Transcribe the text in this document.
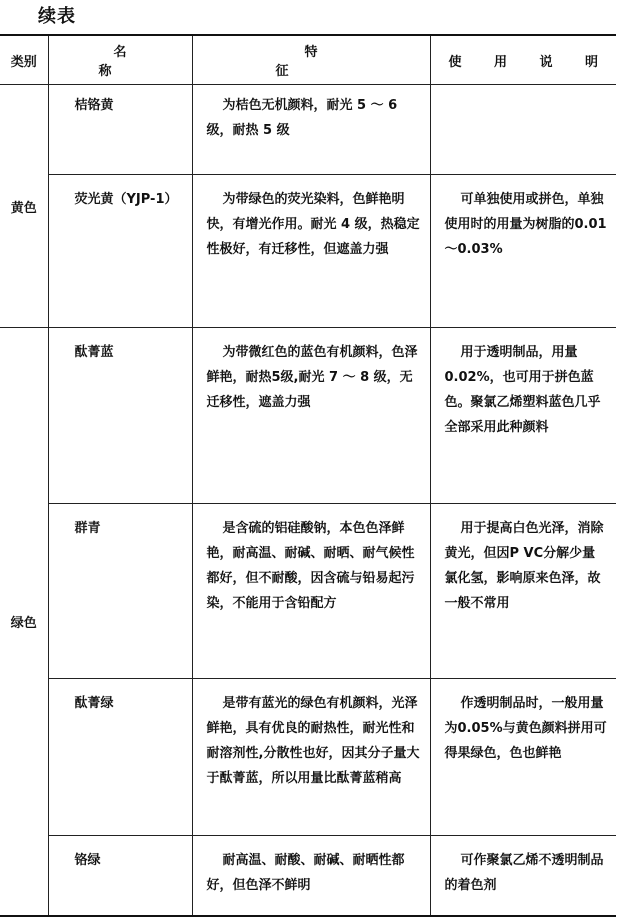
续表
类别	名 称	特 征	使 用 说 明
黄色	桔铬黄	为桔色无机颜料，耐光 5 ～ 6 级，耐热 5 级	
	荧光黄（YJP-1）	为带绿色的荧光染料，色鲜艳明快，有增光作用。耐光 4 级，热稳定性极好，有迁移性，但遮盖力强	可单独使用或拼色，单独使用时的用量为树脂的0.01～0.03%
绿色	酞菁蓝	为带微红色的蓝色有机颜料，色泽鲜艳，耐热5级,耐光 7 ～ 8 级，无迁移性，遮盖力强	用于透明制品，用量0.02%，也可用于拼色蓝色。聚氯乙烯塑料蓝色几乎全部采用此种颜料
	群青	是含硫的铝硅酸钠，本色色泽鲜艳，耐高温、耐碱、耐晒、耐气候性都好，但不耐酸，因含硫与铅易起污染，不能用于含铅配方	用于提高白色光泽，消除黄光，但因P VC分解少量氯化氢，影响原来色泽，故一般不常用
	酞菁绿	是带有蓝光的绿色有机颜料，光泽鲜艳，具有优良的耐热性，耐光性和耐溶剂性,分散性也好，因其分子量大于酞菁蓝，所以用量比酞菁蓝稍高	作透明制品时，一般用量为0.05%与黄色颜料拼用可得果绿色，色也鲜艳
	铬绿	耐高温、耐酸、耐碱、耐晒性都好，但色泽不鲜明	可作聚氯乙烯不透明制品的着色剂
